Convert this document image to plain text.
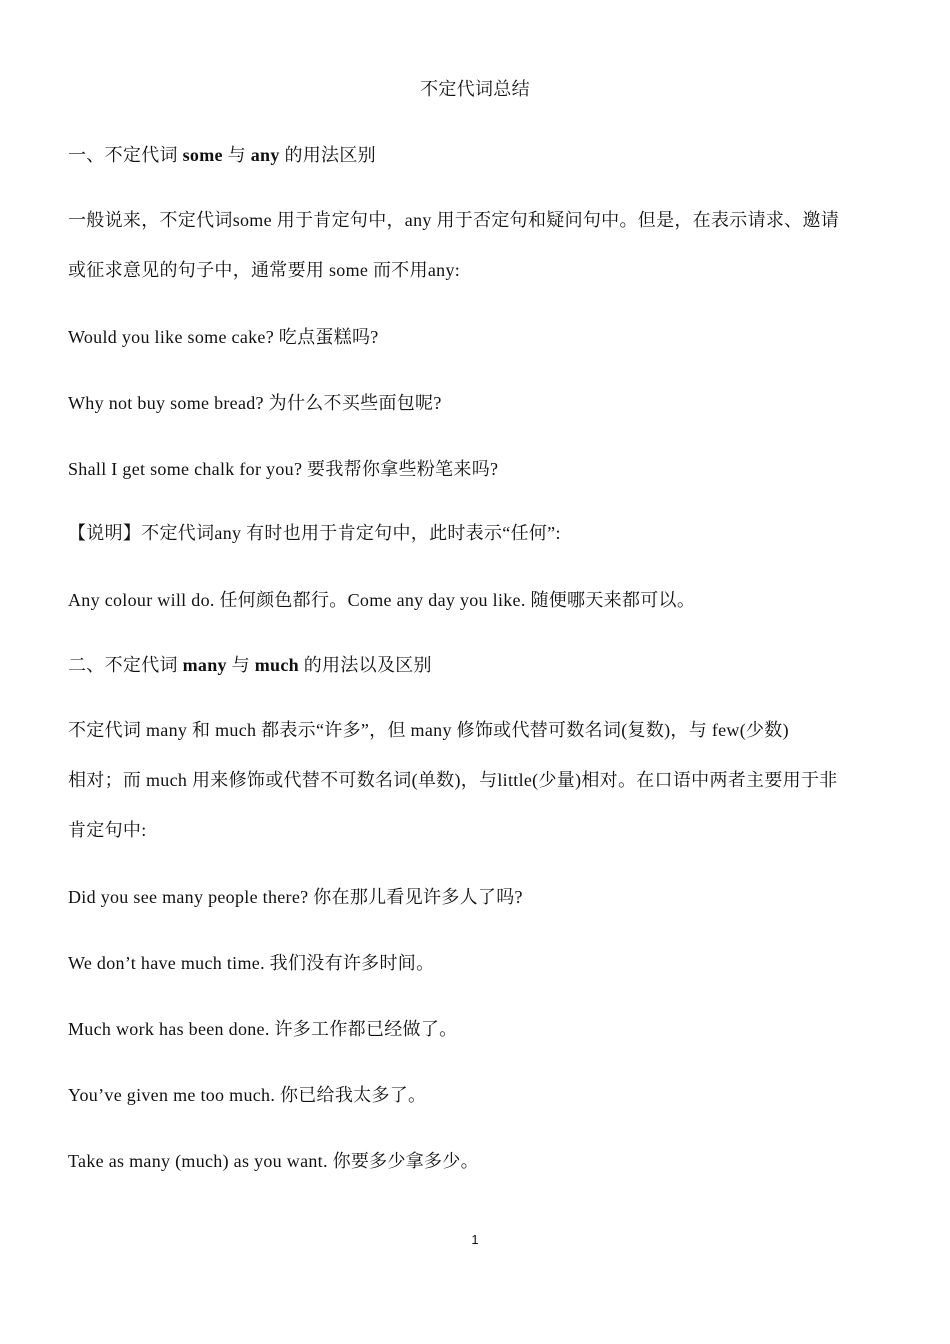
不定代词总结
一、不定代词 some 与 any 的用法区别
一般说来，不定代词some 用于肯定句中，any 用于否定句和疑问句中。但是，在表示请求、邀请
或征求意见的句子中，通常要用 some 而不用any:
Would you like some cake? 吃点蛋糕吗?
Why not buy some bread? 为什么不买些面包呢?
Shall I get some chalk for you? 要我帮你拿些粉笔来吗?
【说明】不定代词any 有时也用于肯定句中，此时表示“任何”:
Any colour will do. 任何颜色都行。Come any day you like. 随便哪天来都可以。
二、不定代词 many 与 much 的用法以及区别
不定代词 many 和 much 都表示“许多”，但 many 修饰或代替可数名词(复数)，与 few(少数)
相对；而 much 用来修饰或代替不可数名词(单数)，与little(少量)相对。在口语中两者主要用于非
肯定句中:
Did you see many people there? 你在那儿看见许多人了吗?
We don’t have much time. 我们没有许多时间。
Much work has been done. 许多工作都已经做了。
You’ve given me too much. 你已给我太多了。
Take as many (much) as you want. 你要多少拿多少。
1
